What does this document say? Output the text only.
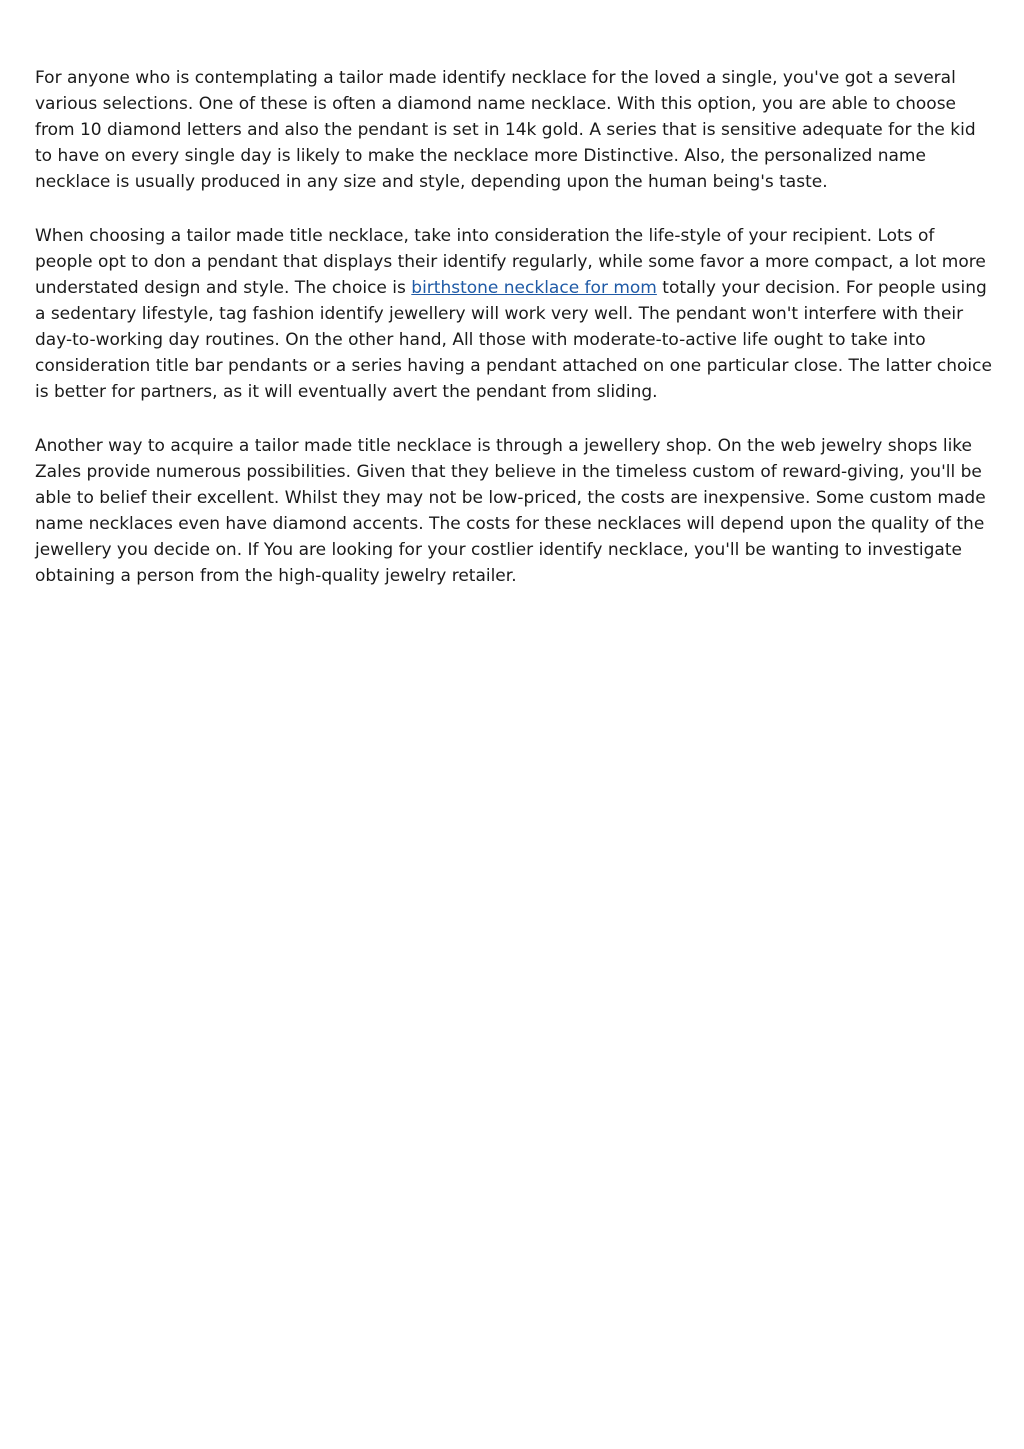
For anyone who is contemplating a tailor made identify necklace for the loved a single, you've got a several various selections. One of these is often a diamond name necklace. With this option, you are able to choose from 10 diamond letters and also the pendant is set in 14k gold. A series that is sensitive adequate for the kid to have on every single day is likely to make the necklace more Distinctive. Also, the personalized name necklace is usually produced in any size and style, depending upon the human being's taste.

When choosing a tailor made title necklace, take into consideration the life-style of your recipient. Lots of people opt to don a pendant that displays their identify regularly, while some favor a more compact, a lot more understated design and style. The choice is birthstone necklace for mom totally your decision. For people using a sedentary lifestyle, tag fashion identify jewellery will work very well. The pendant won't interfere with their day-to-working day routines. On the other hand, All those with moderate-to-active life ought to take into consideration title bar pendants or a series having a pendant attached on one particular close. The latter choice is better for partners, as it will eventually avert the pendant from sliding.

Another way to acquire a tailor made title necklace is through a jewellery shop. On the web jewelry shops like Zales provide numerous possibilities. Given that they believe in the timeless custom of reward-giving, you'll be able to belief their excellent. Whilst they may not be low-priced, the costs are inexpensive. Some custom made name necklaces even have diamond accents. The costs for these necklaces will depend upon the quality of the jewellery you decide on. If You are looking for your costlier identify necklace, you'll be wanting to investigate obtaining a person from the high-quality jewelry retailer.
